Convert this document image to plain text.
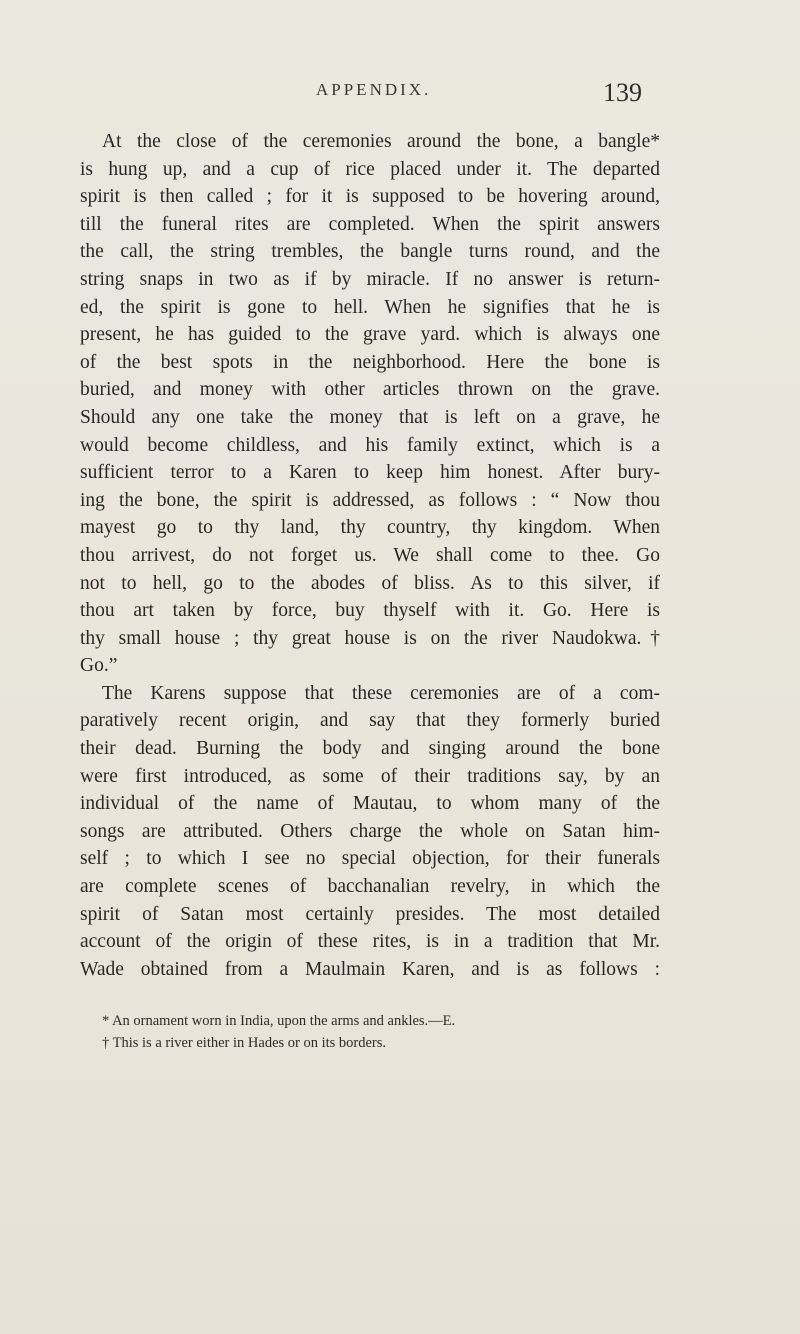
APPENDIX.	139
At the close of the ceremonies around the bone, a bangle*
is hung up, and a cup of rice placed under it. The departed
spirit is then called ; for it is supposed to be hovering around,
till the funeral rites are completed. When the spirit answers
the call, the string trembles, the bangle turns round, and the
string snaps in two as if by miracle. If no answer is return-
ed, the spirit is gone to hell. When he signifies that he is
present, he has guided to the grave yard. which is always one
of the best spots in the neighborhood. Here the bone is
buried, and money with other articles thrown on the grave.
Should any one take the money that is left on a grave, he
would become childless, and his family extinct, which is a
sufficient terror to a Karen to keep him honest. After bury-
ing the bone, the spirit is addressed, as follows : “ Now thou
mayest go to thy land, thy country, thy kingdom. When
thou arrivest, do not forget us. We shall come to thee. Go
not to hell, go to the abodes of bliss. As to this silver, if
thou art taken by force, buy thyself with it. Go. Here is
thy small house ; thy great house is on the river Naudokwa.†
Go.”
The Karens suppose that these ceremonies are of a com-
paratively recent origin, and say that they formerly buried
their dead. Burning the body and singing around the bone
were first introduced, as some of their traditions say, by an
individual of the name of Mautau, to whom many of the
songs are attributed. Others charge the whole on Satan him-
self ; to which I see no special objection, for their funerals
are complete scenes of bacchanalian revelry, in which the
spirit of Satan most certainly presides. The most detailed
account of the origin of these rites, is in a tradition that Mr.
Wade obtained from a Maulmain Karen, and is as follows :
* An ornament worn in India, upon the arms and ankles.—E.
† This is a river either in Hades or on its borders.
